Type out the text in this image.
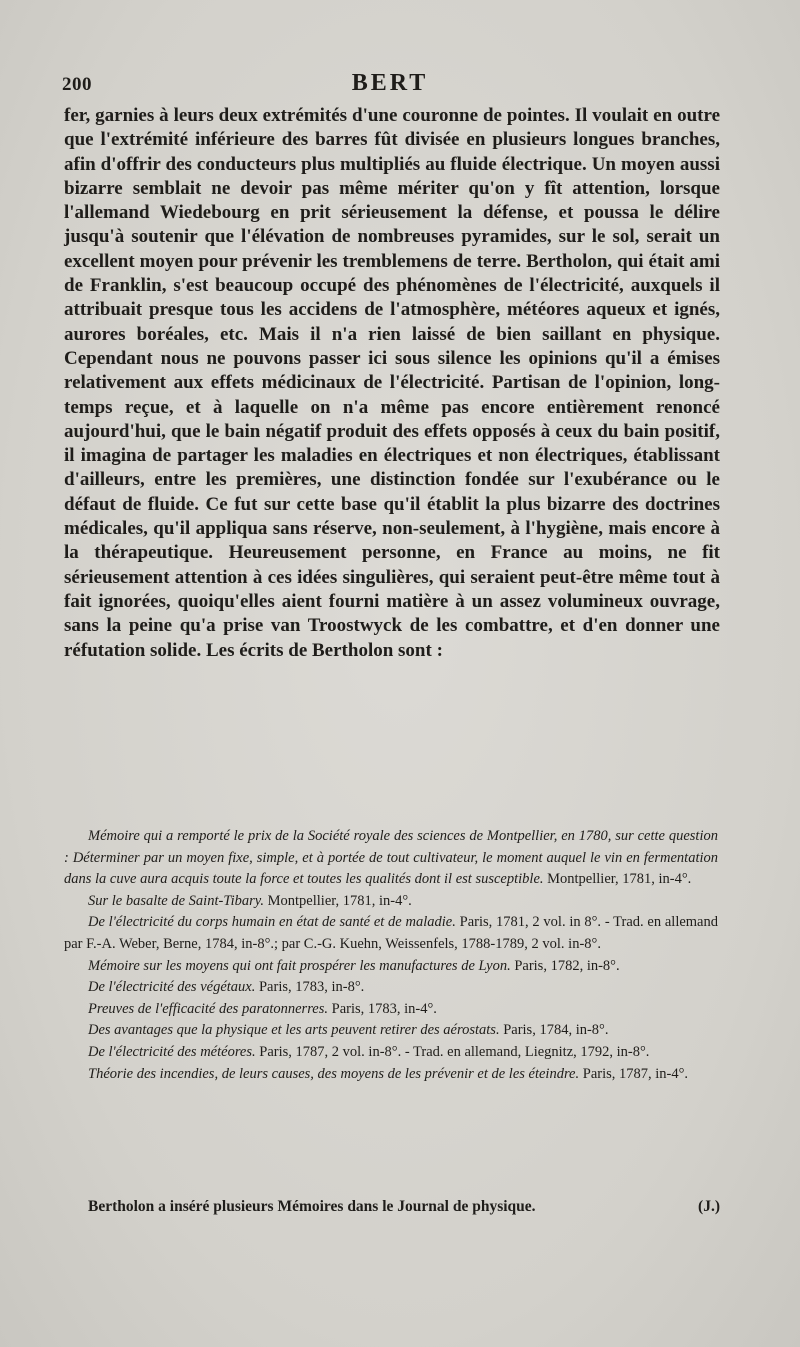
200	BERT

fer, garnies à leurs deux extrémités d'une couronne de pointes. Il voulait en outre que l'extrémité inférieure des barres fût divisée en plusieurs longues branches, afin d'offrir des conducteurs plus multipliés au fluide électrique. Un moyen aussi bizarre semblait ne devoir pas même mériter qu'on y fît attention, lorsque l'allemand Wiedebourg en prit sérieusement la défense, et poussa le délire jusqu'à soutenir que l'élévation de nombreuses pyramides, sur le sol, serait un excellent moyen pour prévenir les tremblemens de terre. Bertholon, qui était ami de Franklin, s'est beaucoup occupé des phénomènes de l'électricité, auxquels il attribuait presque tous les accidens de l'atmosphère, météores aqueux et ignés, aurores boréales, etc. Mais il n'a rien laissé de bien saillant en physique. Cependant nous ne pouvons passer ici sous silence les opinions qu'il a émises relativement aux effets médicinaux de l'électricité. Partisan de l'opinion, long-temps reçue, et à laquelle on n'a même pas encore entièrement renoncé aujourd'hui, que le bain négatif produit des effets opposés à ceux du bain positif, il imagina de partager les maladies en électriques et non électriques, établissant d'ailleurs, entre les premières, une distinction fondée sur l'exubérance ou le défaut de fluide. Ce fut sur cette base qu'il établit la plus bizarre des doctrines médicales, qu'il appliqua sans réserve, non-seulement, à l'hygiène, mais encore à la thérapeutique. Heureusement personne, en France au moins, ne fit sérieusement attention à ces idées singulières, qui seraient peut-être même tout à fait ignorées, quoiqu'elles aient fourni matière à un assez volumineux ouvrage, sans la peine qu'a prise van Troostwyck de les combattre, et d'en donner une réfutation solide. Les écrits de Bertholon sont :

Mémoire qui a remporté le prix de la Société royale des sciences de Montpellier, en 1780, sur cette question : Déterminer par un moyen fixe, simple, et à portée de tout cultivateur, le moment auquel le vin en fermentation dans la cuve aura acquis toute la force et toutes les qualités dont il est susceptible. Montpellier, 1781, in-4°.

Sur le basalte de Saint-Tibary. Montpellier, 1781, in-4°.

De l'électricité du corps humain en état de santé et de maladie. Paris, 1781, 2 vol. in 8°. - Trad. en allemand par F.-A. Weber, Berne, 1784, in-8°.; par C.-G. Kuehn, Weissenfels, 1788-1789, 2 vol. in-8°.

Mémoire sur les moyens qui ont fait prospérer les manufactures de Lyon. Paris, 1782, in-8°.

De l'électricité des végétaux. Paris, 1783, in-8°.

Preuves de l'efficacité des paratonnerres. Paris, 1783, in-4°.

Des avantages que la physique et les arts peuvent retirer des aérostats. Paris, 1784, in-8°.

De l'électricité des météores. Paris, 1787, 2 vol. in-8°. - Trad. en allemand, Liegnitz, 1792, in-8°.

Théorie des incendies, de leurs causes, des moyens de les prévenir et de les éteindre. Paris, 1787, in-4°.

Bertholon a inséré plusieurs Mémoires dans le Journal de physique.	(J.)
